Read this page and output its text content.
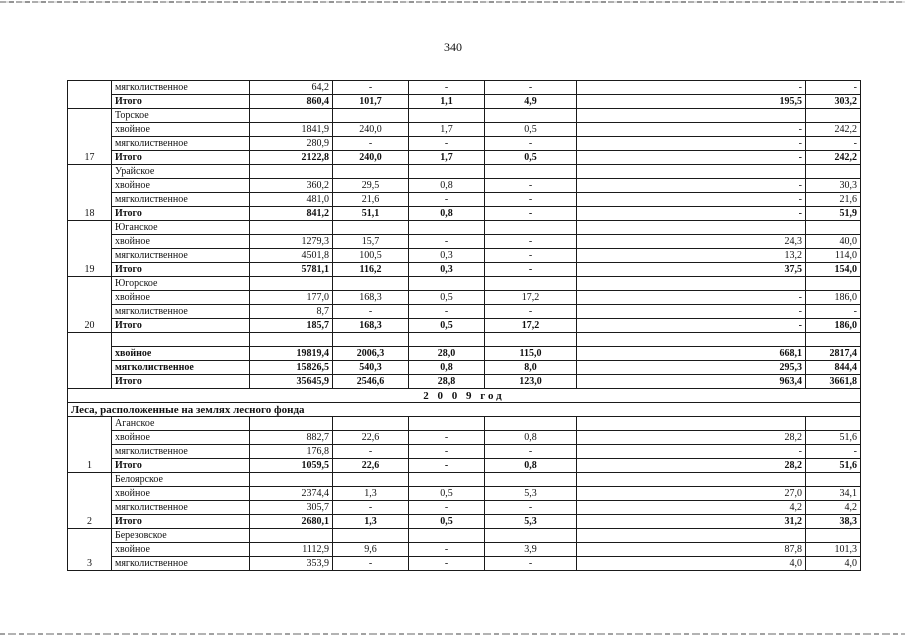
340
	мягколиственное	64,2	-	-	-	-	-
	Итого	860,4	101,7	1,1	4,9	195,5	303,2
17	Торское						
	хвойное	1841,9	240,0	1,7	0,5	-	242,2
	мягколиственное	280,9	-	-	-	-	-
	Итого	2122,8	240,0	1,7	0,5	-	242,2
18	Урайское						
	хвойное	360,2	29,5	0,8	-	-	30,3
	мягколиственное	481,0	21,6	-	-	-	21,6
	Итого	841,2	51,1	0,8	-	-	51,9
19	Юганское						
	хвойное	1279,3	15,7	-	-	24,3	40,0
	мягколиственное	4501,8	100,5	0,3	-	13,2	114,0
	Итого	5781,1	116,2	0,3	-	37,5	154,0
20	Югорское						
	хвойное	177,0	168,3	0,5	17,2	-	186,0
	мягколиственное	8,7	-	-	-	-	-
	Итого	185,7	168,3	0,5	17,2	-	186,0

	хвойное	19819,4	2006,3	28,0	115,0	668,1	2817,4
	мягколиственное	15826,5	540,3	0,8	8,0	295,3	844,4
	Итого	35645,9	2546,6	28,8	123,0	963,4	3661,8
2 0 0 9 год							
Леса, расположенные на землях лесного фонда							
1	Аганское						
	хвойное	882,7	22,6	-	0,8	28,2	51,6
	мягколиственное	176,8	-	-	-	-	-
	Итого	1059,5	22,6	-	0,8	28,2	51,6
2	Белоярское						
	хвойное	2374,4	1,3	0,5	5,3	27,0	34,1
	мягколиственное	305,7	-	-	-	4,2	4,2
	Итого	2680,1	1,3	0,5	5,3	31,2	38,3
3	Березовское						
	хвойное	1112,9	9,6	-	3,9	87,8	101,3
	мягколиственное	353,9	-	-	-	4,0	4,0
